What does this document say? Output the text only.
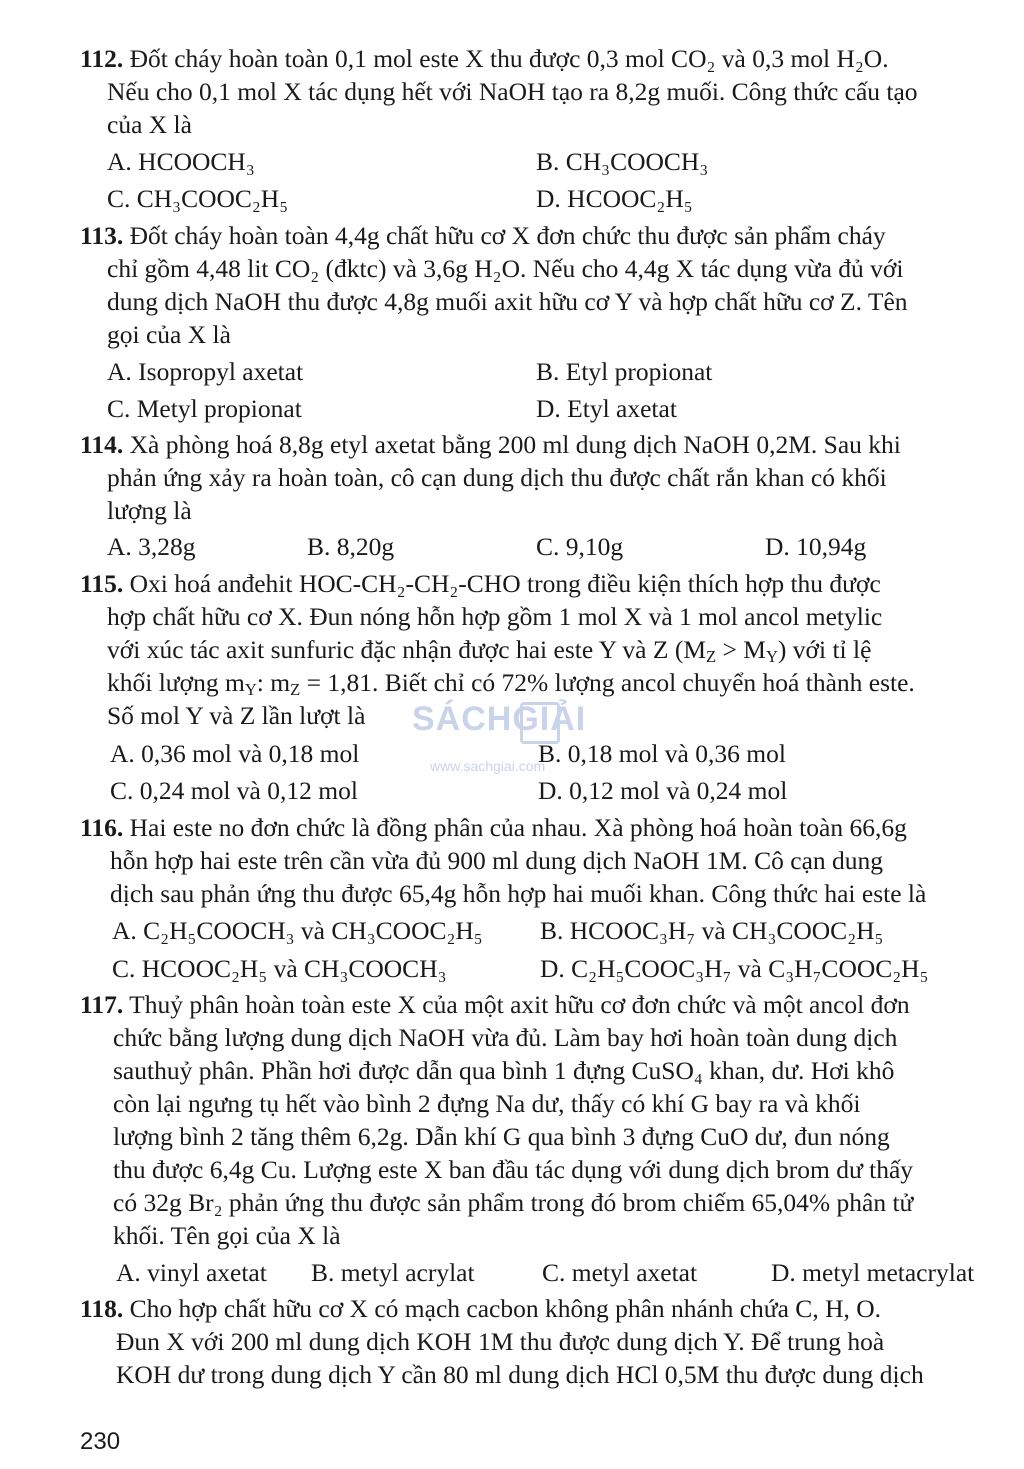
112. Đốt cháy hoàn toàn 0,1 mol este X thu được 0,3 mol CO₂ và 0,3 mol H₂O.
Nếu cho 0,1 mol X tác dụng hết với NaOH tạo ra 8,2g muối. Công thức cấu tạo
của X là
A. HCOOCH₃	B. CH₃COOCH₃
C. CH₃COOC₂H₅	D. HCOOC₂H₅
113. Đốt cháy hoàn toàn 4,4g chất hữu cơ X đơn chức thu được sản phẩm cháy
chỉ gồm 4,48 lit CO₂ (đktc) và 3,6g H₂O. Nếu cho 4,4g X tác dụng vừa đủ với
dung dịch NaOH thu được 4,8g muối axit hữu cơ Y và hợp chất hữu cơ Z. Tên
gọi của X là
A. Isopropyl axetat	B. Etyl propionat
C. Metyl propionat	D. Etyl axetat
114. Xà phòng hoá 8,8g etyl axetat bằng 200 ml dung dịch NaOH 0,2M. Sau khi
phản ứng xảy ra hoàn toàn, cô cạn dung dịch thu được chất rắn khan có khối
lượng là
A. 3,28g	B. 8,20g	C. 9,10g	D. 10,94g
115. Oxi hoá anđehit HOC-CH₂-CH₂-CHO trong điều kiện thích hợp thu được
hợp chất hữu cơ X. Đun nóng hỗn hợp gồm 1 mol X và 1 mol ancol metylic
với xúc tác axit sunfuric đặc nhận được hai este Y và Z $(M_Z > M_Y)$ với tỉ lệ
khối lượng $m_Y$: $m_Z = 1,81$. Biết chỉ có 72% lượng ancol chuyển hoá thành este.
Số mol Y và Z lần lượt là
A. 0,36 mol và 0,18 mol	B. 0,18 mol và 0,36 mol
C. 0,24 mol và 0,12 mol	D. 0,12 mol và 0,24 mol
116. Hai este no đơn chức là đồng phân của nhau. Xà phòng hoá hoàn toàn 66,6g
hỗn hợp hai este trên cần vừa đủ 900 ml dung dịch NaOH 1M. Cô cạn dung
dịch sau phản ứng thu được 65,4g hỗn hợp hai muối khan. Công thức hai este là
A. C₂H₅COOCH₃ và CH₃COOC₂H₅ B. HCOOC₃H₇ và CH₃COOC₂H₅
C. HCOOC₂H₅ và CH₃COOCH₃	D. C₂H₅COOC₃H₇ và C₃H₇COOC₂H₅
117. Thuỷ phân hoàn toàn este X của một axit hữu cơ đơn chức và một ancol đơn
chức bằng lượng dung dịch NaOH vừa đủ. Làm bay hơi hoàn toàn dung dịch
sauthuỷ phân. Phần hơi được dẫn qua bình 1 đựng CuSO₄ khan, dư. Hơi khô
còn lại ngưng tụ hết vào bình 2 đựng Na dư, thấy có khí G bay ra và khối
lượng bình 2 tăng thêm 6,2g. Dẫn khí G qua bình 3 đựng CuO dư, đun nóng
thu được 6,4g Cu. Lượng este X ban đầu tác dụng với dung dịch brom dư thấy
có 32g Br₂ phản ứng thu được sản phẩm trong đó brom chiếm 65,04% phân tử
khối. Tên gọi của X là
A. vinyl axetat B. metyl acrylat	C. metyl axetat	D. metyl metacrylat
118. Cho hợp chất hữu cơ X có mạch cacbon không phân nhánh chứa C, H, O.
Đun X với 200 ml dung dịch KOH 1M thu được dung dịch Y. Để trung hoà
KOH dư trong dung dịch Y cần 80 ml dung dịch HCl 0,5M thu được dung dịch
SÁCHGIẢI
www.sachgiai.com
230
